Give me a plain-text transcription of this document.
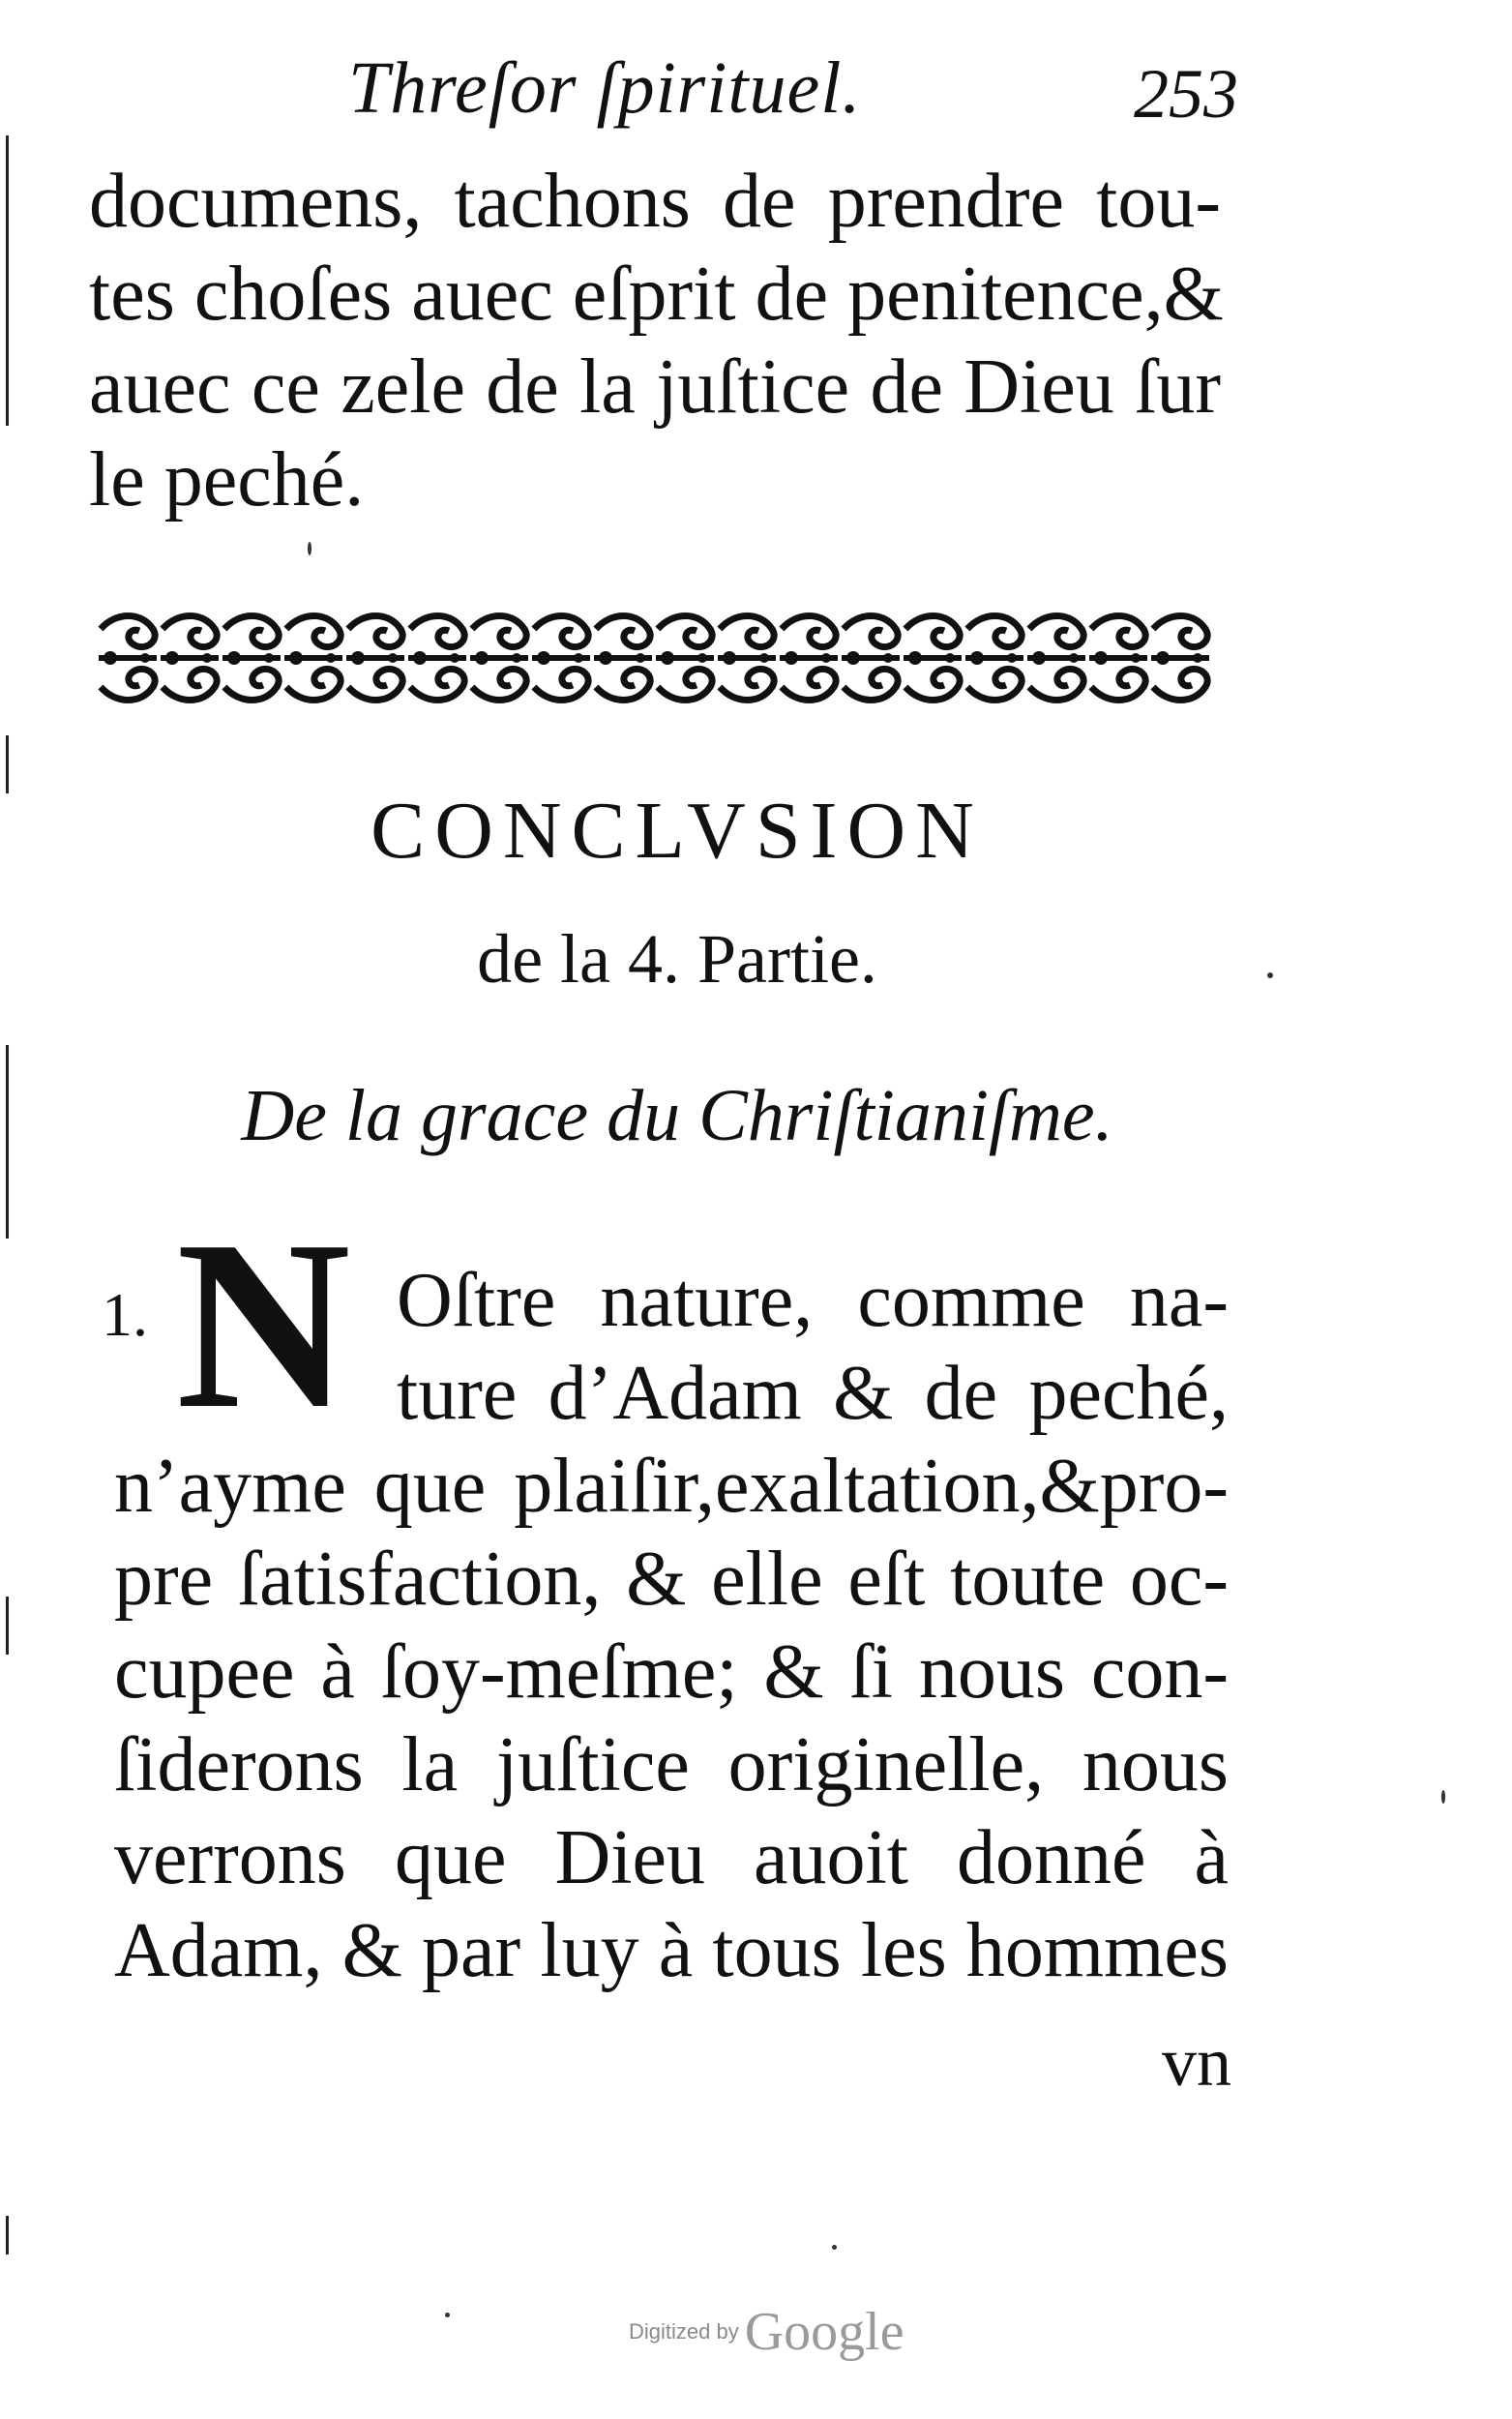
Threſor ſpirituel.	253
documens, tachons de prendre tou-
tes choſes auec eſprit de penitence,&
auec ce zele de la juſtice de Dieu ſur
le peché.
CONCLVSION
de la 4. Partie.
De la grace du Chriſtianiſme.
1. N Oſtre nature, comme na-
ture d’Adam & de peché,
n’ayme que plaiſir,exaltation,&pro-
pre ſatisfaction, & elle eſt toute oc-
cupee à ſoy-meſme; & ſi nous con-
ſiderons la juſtice originelle, nous
verrons que Dieu auoit donné à
Adam, & par luy à tous les hommes
vn
Digitized by Google
